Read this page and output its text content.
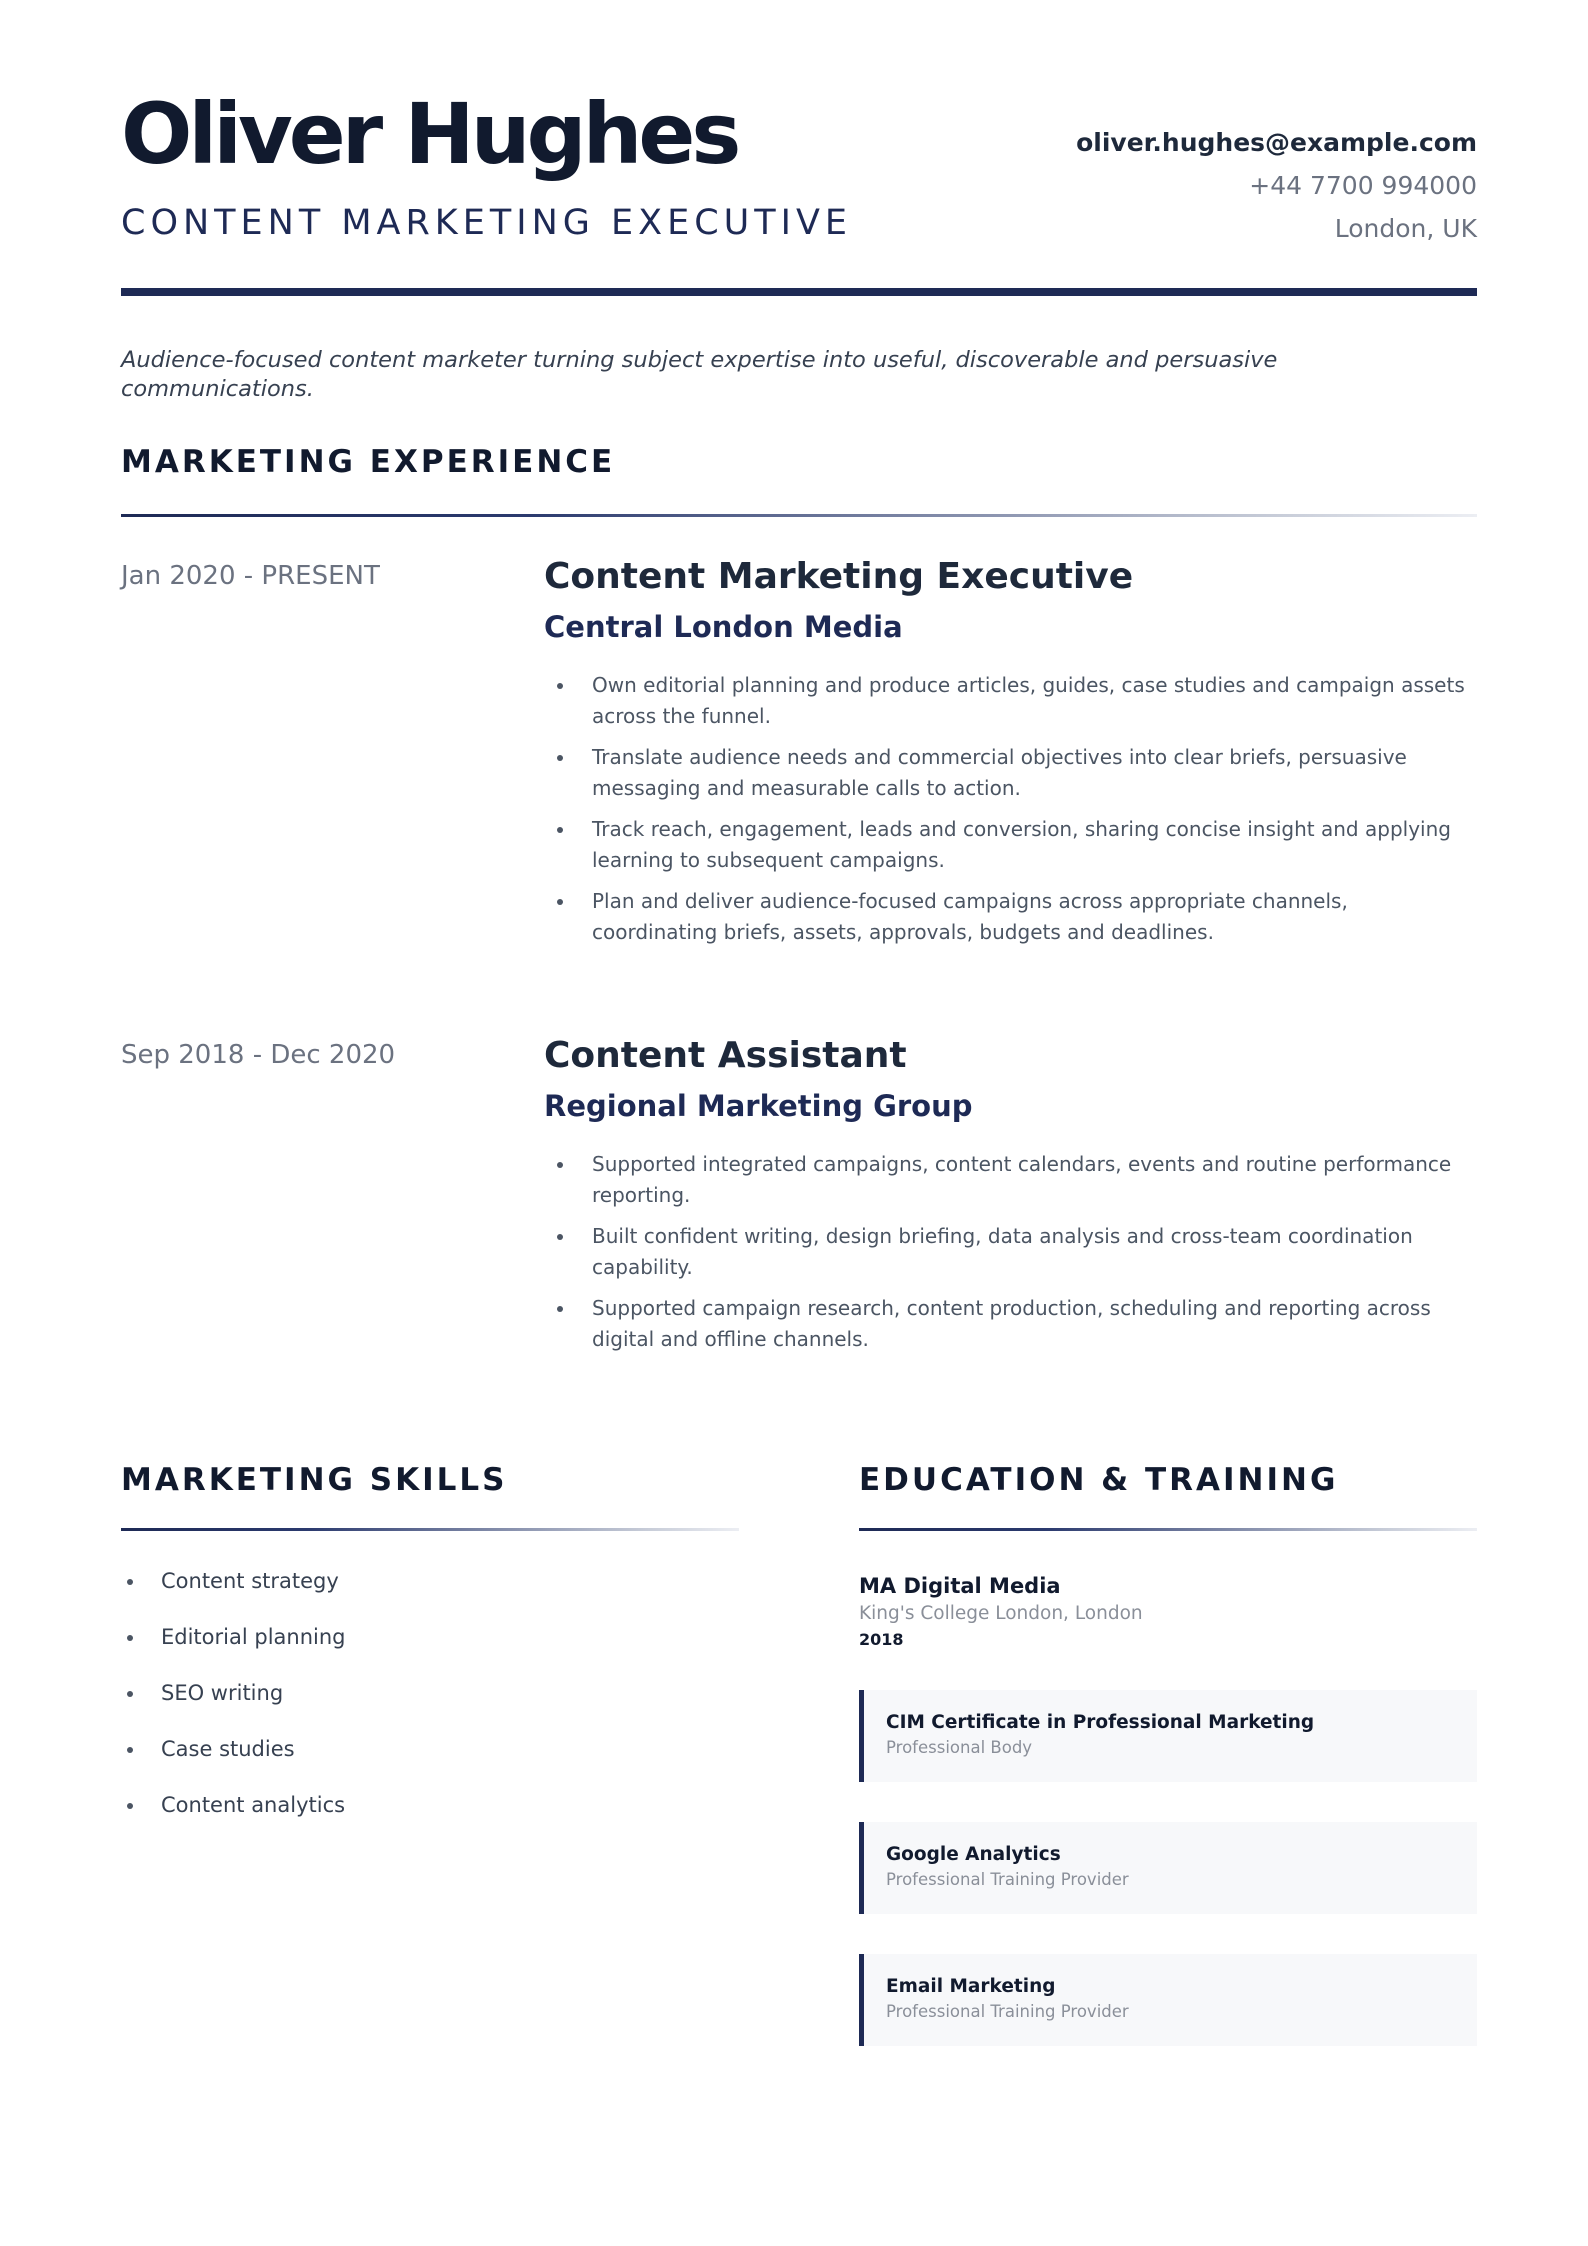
Oliver Hughes
CONTENT MARKETING EXECUTIVE
oliver.hughes@example.com
+44 7700 994000
London, UK
Audience-focused content marketer turning subject expertise into useful, discoverable and persuasive communications.
MARKETING EXPERIENCE
Jan 2020 - PRESENT	Content Marketing Executive
Central London Media
Own editorial planning and produce articles, guides, case studies and campaign assets across the funnel.
Translate audience needs and commercial objectives into clear briefs, persuasive messaging and measurable calls to action.
Track reach, engagement, leads and conversion, sharing concise insight and applying learning to subsequent campaigns.
Plan and deliver audience-focused campaigns across appropriate channels, coordinating briefs, assets, approvals, budgets and deadlines.
Sep 2018 - Dec 2020	Content Assistant
Regional Marketing Group
Supported integrated campaigns, content calendars, events and routine performance reporting.
Built confident writing, design briefing, data analysis and cross-team coordination capability.
Supported campaign research, content production, scheduling and reporting across digital and offline channels.
MARKETING SKILLS
Content strategy
Editorial planning
SEO writing
Case studies
Content analytics
EDUCATION & TRAINING
MA Digital Media
King's College London, London
2018
CIM Certificate in Professional Marketing
Professional Body
Google Analytics
Professional Training Provider
Email Marketing
Professional Training Provider
